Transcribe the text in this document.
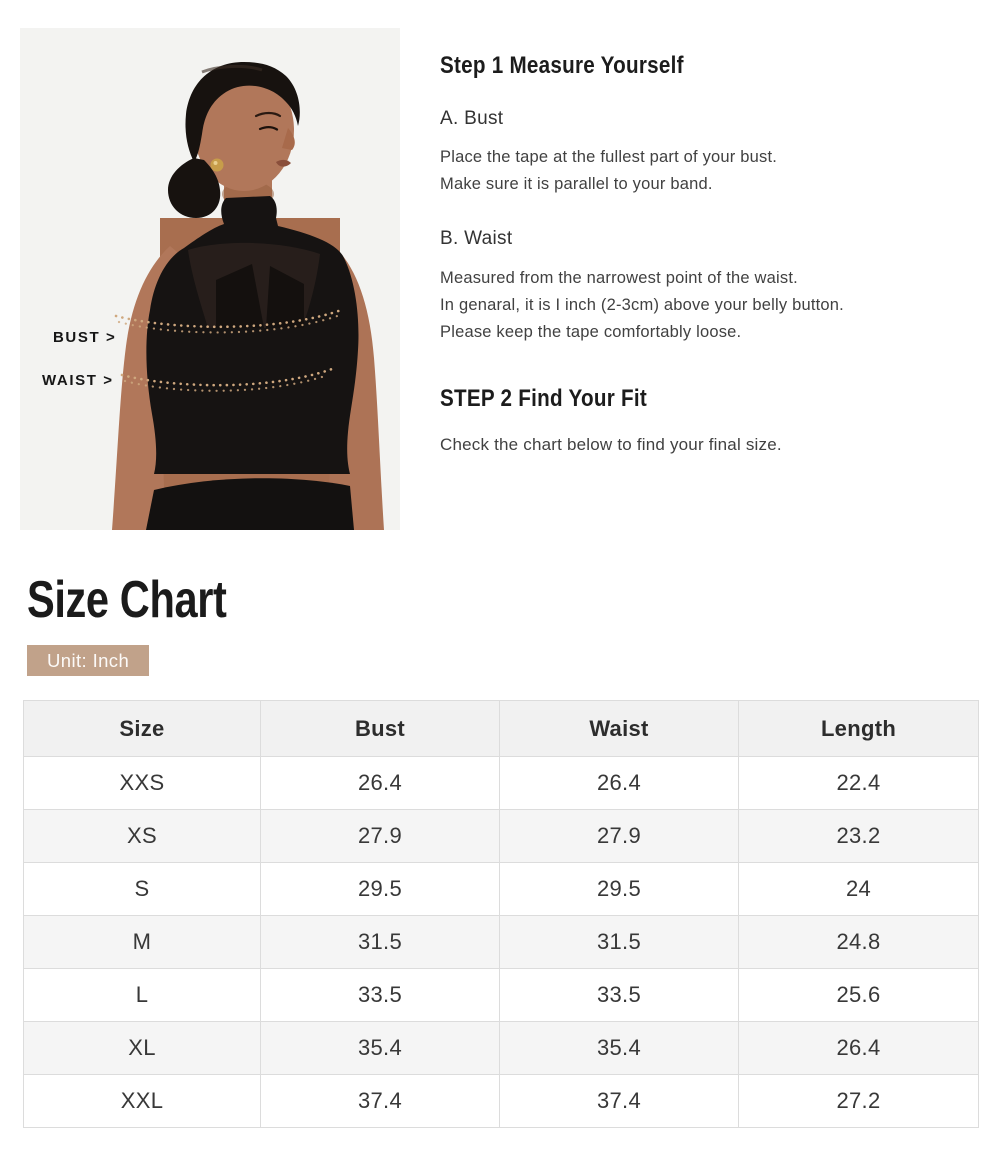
BUST >
WAIST >
Step 1 Measure Yourself
A. Bust
Place the tape at the fullest part of your bust.
Make sure it is parallel to your band.
B. Waist
Measured from the narrowest point of the waist.
In genaral, it is I inch (2-3cm) above your belly button.
Please keep the tape comfortably loose.
STEP 2 Find Your Fit
Check the chart below to find your final size.
Size Chart
Unit: Inch
Size	Bust	Waist	Length
XXS	26.4	26.4	22.4
XS	27.9	27.9	23.2
S	29.5	29.5	24
M	31.5	31.5	24.8
L	33.5	33.5	25.6
XL	35.4	35.4	26.4
XXL	37.4	37.4	27.2
